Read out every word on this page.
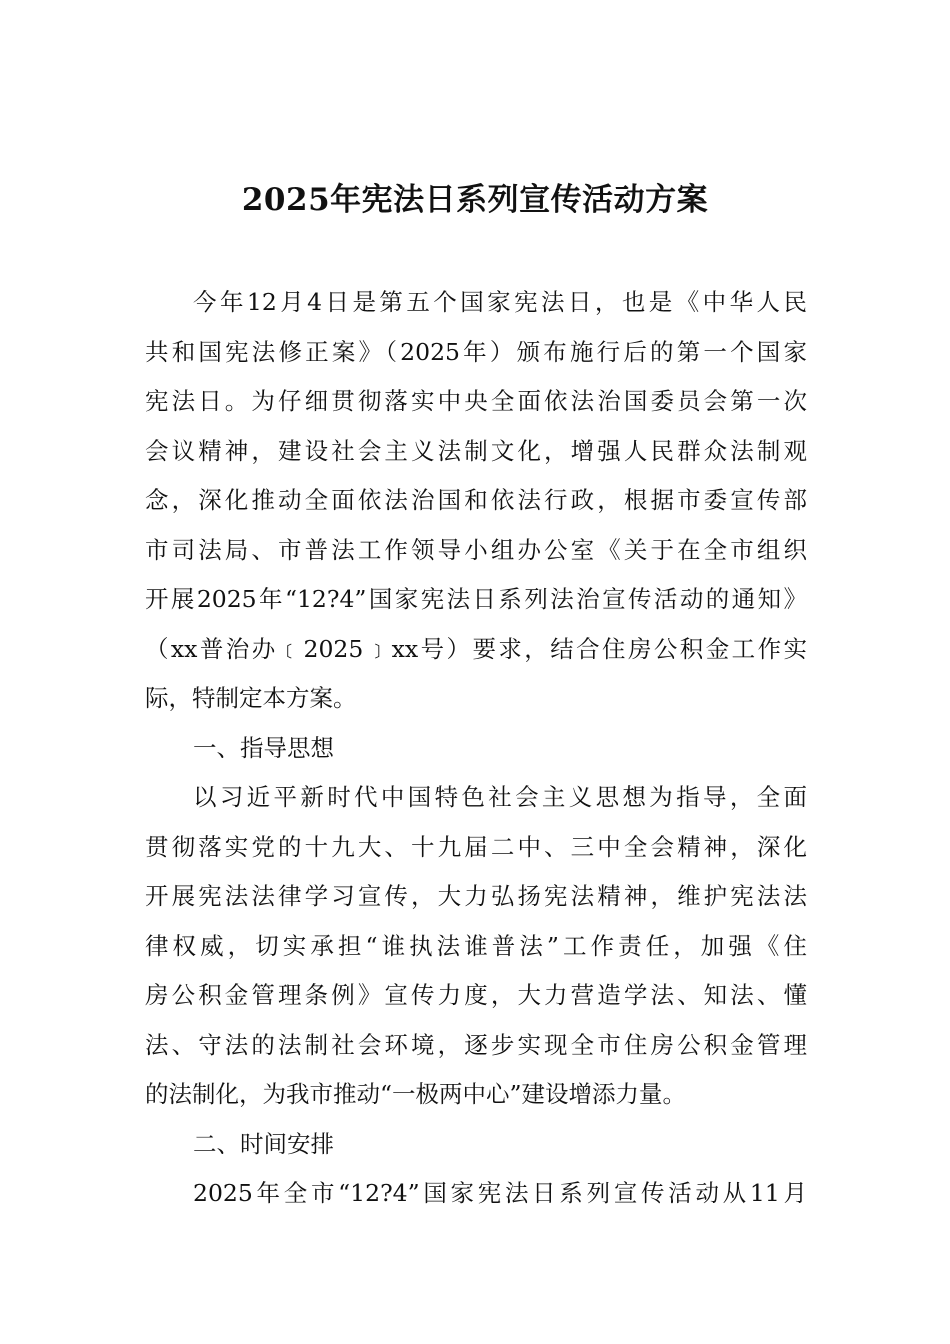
2025年宪法日系列宣传活动方案
今年12月4日是第五个国家宪法日，也是《中华人民
共和国宪法修正案》（2025年）颁布施行后的第一个国家
宪法日。为仔细贯彻落实中央全面依法治国委员会第一次
会议精神，建设社会主义法制文化，增强人民群众法制观
念，深化推动全面依法治国和依法行政，根据市委宣传部
市司法局、市普法工作领导小组办公室《关于在全市组织
开展2025年“12?4”国家宪法日系列法治宣传活动的通知》
（xx普治办﹝2025﹞xx号）要求，结合住房公积金工作实
际，特制定本方案。
一、指导思想
以习近平新时代中国特色社会主义思想为指导，全面
贯彻落实党的十九大、十九届二中、三中全会精神，深化
开展宪法法律学习宣传，大力弘扬宪法精神，维护宪法法
律权威，切实承担“谁执法谁普法”工作责任，加强《住
房公积金管理条例》宣传力度，大力营造学法、知法、懂
法、守法的法制社会环境，逐步实现全市住房公积金管理
的法制化，为我市推动“一极两中心”建设增添力量。
二、时间安排
2025年全市“12?4”国家宪法日系列宣传活动从11月
